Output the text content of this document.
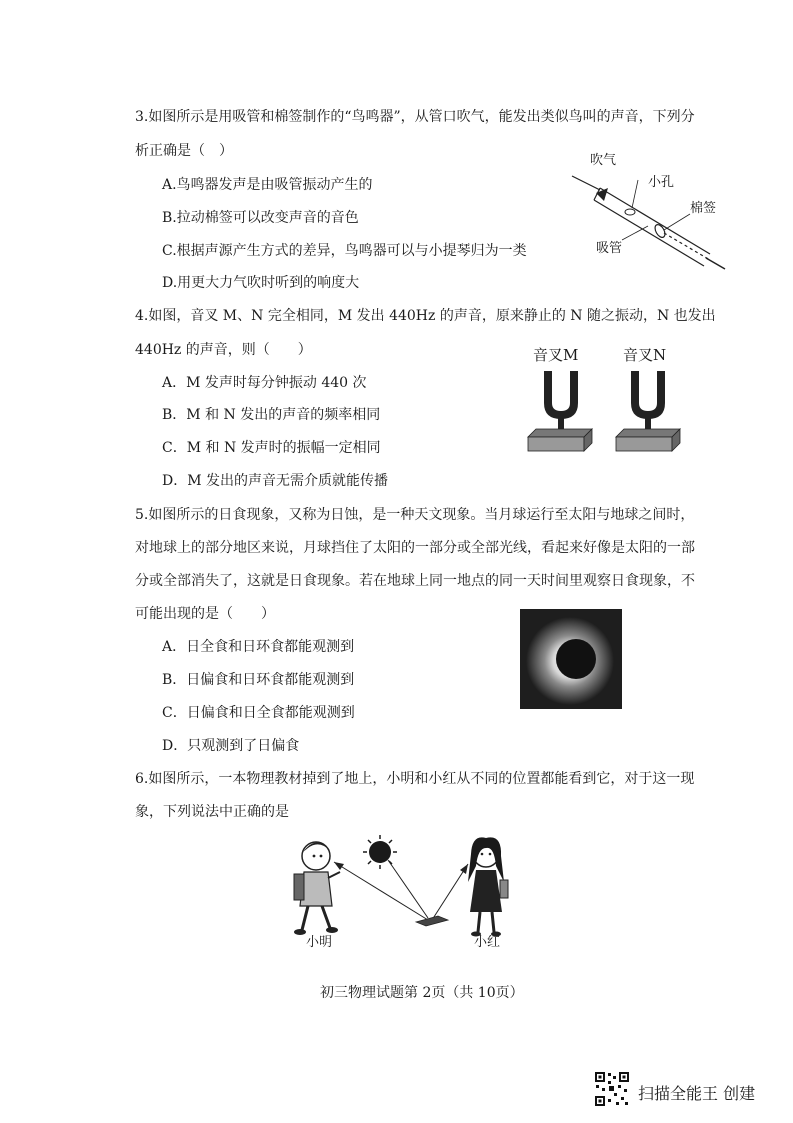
3.如图所示是用吸管和棉签制作的“鸟鸣器”，从管口吹气，能发出类似鸟叫的声音，下列分
析正确是（　）
A.鸟鸣器发声是由吸管振动产生的
B.拉动棉签可以改变声音的音色
C.根据声源产生方式的差异，鸟鸣器可以与小提琴归为一类
D.用更大力气吹时听到的响度大
吹气
小孔
棉签
吸管
4.如图，音叉 M、N 完全相同，M 发出 440Hz 的声音，原来静止的 N 随之振动，N 也发出
440Hz 的声音，则（　　）
A．M 发声时每分钟振动 440 次
B．M 和 N 发出的声音的频率相同
C．M 和 N 发声时的振幅一定相同
D．M 发出的声音无需介质就能传播
音叉M	音叉N
5.如图所示的日食现象，又称为日蚀，是一种天文现象。当月球运行至太阳与地球之间时，
对地球上的部分地区来说，月球挡住了太阳的一部分或全部光线，看起来好像是太阳的一部
分或全部消失了，这就是日食现象。若在地球上同一地点的同一天时间里观察日食现象，不
可能出现的是（　　）
A．日全食和日环食都能观测到
B．日偏食和日环食都能观测到
C．日偏食和日全食都能观测到
D．只观测到了日偏食
6.如图所示，一本物理教材掉到了地上，小明和小红从不同的位置都能看到它，对于这一现
象，下列说法中正确的是
小明	小红
初三物理试题第 2页（共 10页）
扫描全能王 创建
